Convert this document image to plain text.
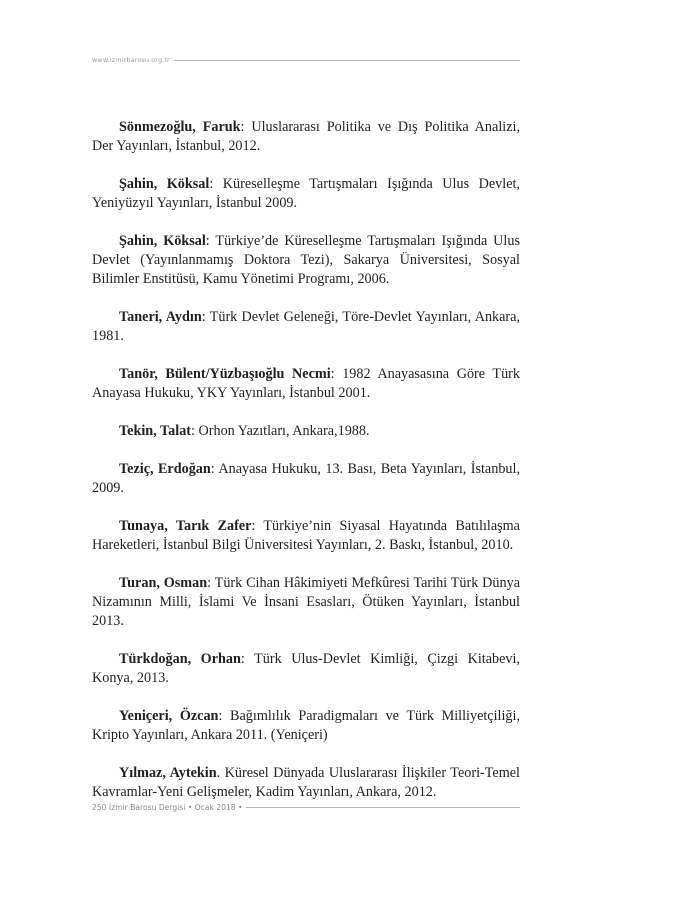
www.izmirbarosu.org.tr

Sönmezoğlu, Faruk: Uluslararası Politika ve Dış Politika Analizi, Der Yayınları, İstanbul, 2012.

Şahin, Köksal: Küreselleşme Tartışmaları Işığında Ulus Devlet, Yeniyüzyıl Yayınları, İstanbul 2009.

Şahin, Köksal: Türkiye’de Küreselleşme Tartışmaları Işığında Ulus Devlet (Yayınlanmamış Doktora Tezi), Sakarya Üniversitesi, Sosyal Bilimler Enstitüsü, Kamu Yönetimi Programı, 2006.

Taneri, Aydın: Türk Devlet Geleneği, Töre-Devlet Yayınları, Ankara, 1981.

Tanör, Bülent/Yüzbaşıoğlu Necmi: 1982 Anayasasına Göre Türk Anayasa Hukuku, YKY Yayınları, İstanbul 2001.

Tekin, Talat: Orhon Yazıtları, Ankara,1988.

Teziç, Erdoğan: Anayasa Hukuku, 13. Bası, Beta Yayınları, İstanbul, 2009.

Tunaya, Tarık Zafer: Türkiye’nin Siyasal Hayatında Batılılaşma Hareketleri, İstanbul Bilgi Üniversitesi Yayınları, 2. Baskı, İstanbul, 2010.

Turan, Osman: Türk Cihan Hâkimiyeti Mefkûresi Tarihi Türk Dünya Nizamının Milli, İslami Ve İnsani Esasları, Ötüken Yayınları, İstanbul 2013.

Türkdoğan, Orhan: Türk Ulus-Devlet Kimliği, Çizgi Kitabevi, Konya, 2013.

Yeniçeri, Özcan: Bağımlılık Paradigmaları ve Türk Milliyetçiliği, Kripto Yayınları, Ankara 2011. (Yeniçeri)

Yılmaz, Aytekin. Küresel Dünyada Uluslararası İlişkiler Teori-Temel Kavramlar-Yeni Gelişmeler, Kadim Yayınları, Ankara, 2012.

250 İzmir Barosu Dergisi • Ocak 2018 •
